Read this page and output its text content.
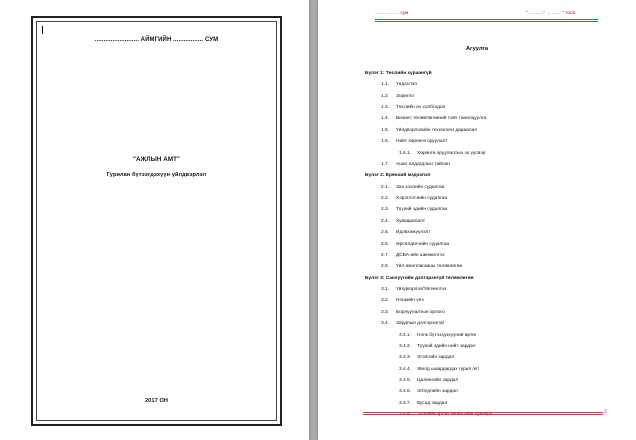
......................... АЙМГИЙН ................. СУМ
"АЖЛЫН АМТ"
Гурилан бүтээгдэхүүн үйлдвэрлэл
2017 ОН
…………… сум	"………." ……… " тооо
Агуулга
Бүлэг 1: Төслийн хураангүй
1.1. Үндэслэл
1.2. Зорилго
1.3. Төслийн ач холбогдол
1.4. Бизнес төлөвлөгөөний товч танилцуулга
1.5. Үйлдвэрлэлийн технологи дараалал
1.6. Нийт хөрөнгө оруулалт
1.6.1. Хөрөнгө оруулалтын эх үүсвэр
1.7. Ашиг алдагдлын тайлан
Бүлэг 2: Ерөнхий мэдээлэл
2.1. Зах зээлийн судалгаа
2.2. Хэрэглэгчийн судалгаа
2.3. Түүхий эдийн судалгаа
2.4. Хуваарилалт
2.5. Идэвхижүүлэлт
2.6. Өрсөлдөгчийн судалгаа
2.7. ДСБА-ийн шинжилгээ
2.8. Үйл ажиллагааны төлөвлөгөө
Бүлэг 3: Санхүүгийн дэлгэрэнгүй төлөвлөгөө
3.1. Үйлдвэрлэл/Үйлчилгээ
3.2. Нэгжийн үнэ
3.3. Борлуулалтын орлого
3.4. Зардлын дэлгэрэнгүй
3.4.1. Нэгж бүтээгдэхүүний өртөг
3.4.2. Түүхий эдийн нийт зардал
3.4.3. Эгэлгийн зардал
3.4.4. Жилд шаардагдах гурил /кг/
3.4.5. Цалингийн зардал
3.4.6. Элэгдлийн зардал
3.4.7. Бусад зардал
2
